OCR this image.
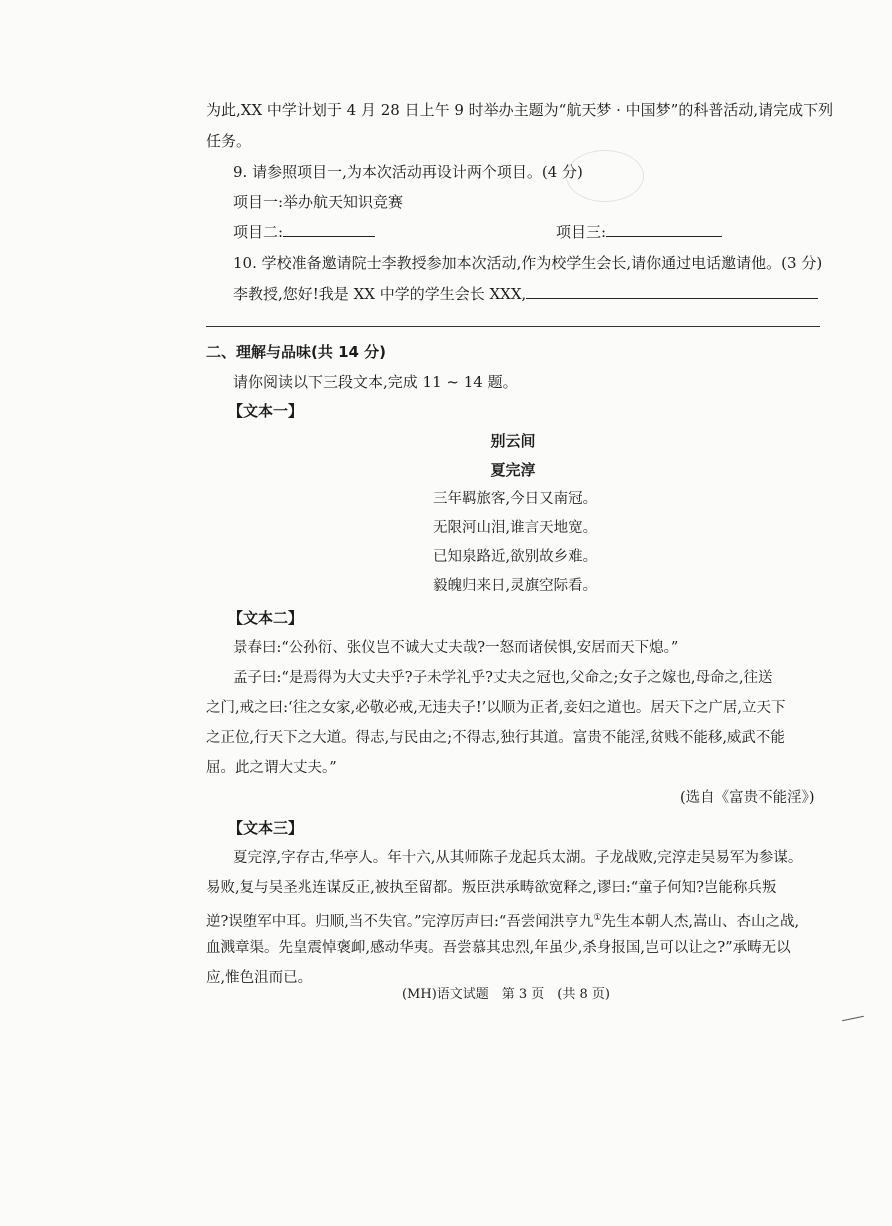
为此,XX 中学计划于 4 月 28 日上午 9 时举办主题为“航天梦 · 中国梦”的科普活动,请完成下列
任务。
9. 请参照项目一,为本次活动再设计两个项目。(4 分)
项目一:举办航天知识竞赛
项目二:	项目三:
10. 学校准备邀请院士李教授参加本次活动,作为校学生会长,请你通过电话邀请他。(3 分)
李教授,您好!我是 XX 中学的学生会长 XXX,
二、理解与品味(共 14 分)
请你阅读以下三段文本,完成 11 ~ 14 题。
【文本一】
别云间
夏完淳
三年羁旅客,今日又南冠。
无限河山泪,谁言天地宽。
已知泉路近,欲别故乡难。
毅魄归来日,灵旗空际看。
【文本二】
景春曰:“公孙衍、张仪岂不诚大丈夫哉?一怒而诸侯惧,安居而天下熄。”
孟子曰:“是焉得为大丈夫乎?子未学礼乎?丈夫之冠也,父命之;女子之嫁也,母命之,往送
之门,戒之曰:‘往之女家,必敬必戒,无违夫子!’以顺为正者,妾妇之道也。居天下之广居,立天下
之正位,行天下之大道。得志,与民由之;不得志,独行其道。富贵不能淫,贫贱不能移,威武不能
屈。此之谓大丈夫。”
(选自《富贵不能淫》)
【文本三】
夏完淳,字存古,华亭人。年十六,从其师陈子龙起兵太湖。子龙战败,完淳走吴易军为参谋。
易败,复与吴圣兆连谋反正,被执至留都。叛臣洪承畴欲宽释之,谬曰:“童子何知?岂能称兵叛
逆?误堕军中耳。归顺,当不失官。”完淳厉声曰:“吾尝闻洪亨九①先生本朝人杰,嵩山、杏山之战,
血溅章渠。先皇震悼褒卹,感动华夷。吾尝慕其忠烈,年虽少,杀身报国,岂可以让之?”承畴无以
应,惟色沮而已。
(MH)语文试题　第 3 页　(共 8 页)
